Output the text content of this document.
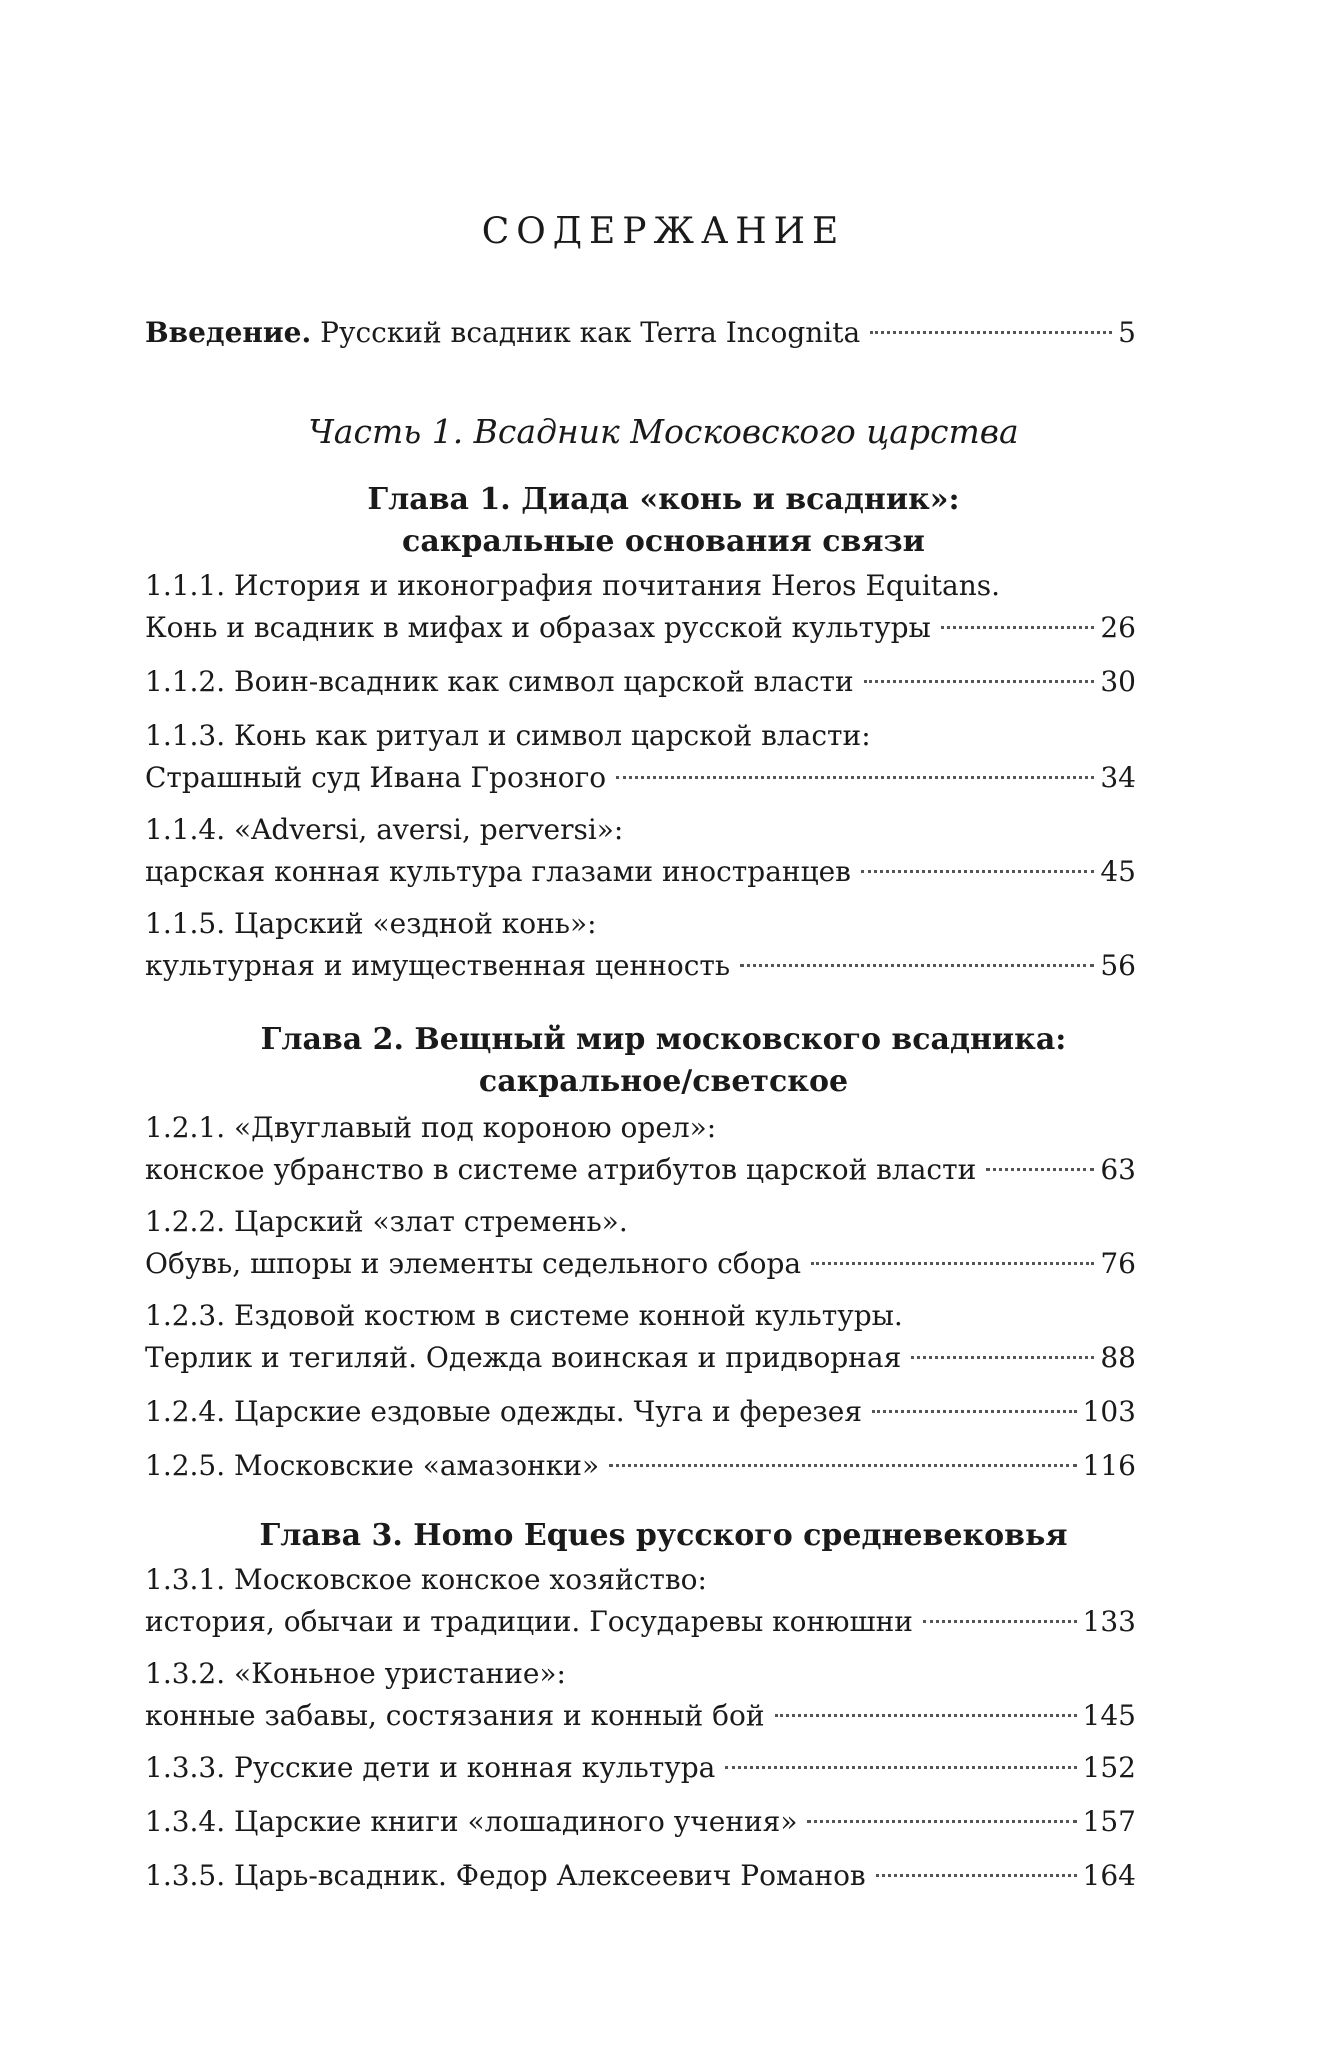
СОДЕРЖАНИЕ
Введение. Русский всадник как Terra Incognita	5
Часть 1. Всадник Московского царства
Глава 1. Диада «конь и всадник»:
сакральные основания связи
1.1.1. История и иконография почитания Heros Equitans.
Конь и всадник в мифах и образах русской культуры	26
1.1.2. Воин-всадник как символ царской власти	30
1.1.3. Конь как ритуал и символ царской власти:
Страшный суд Ивана Грозного	34
1.1.4. «Adversi, aversi, perversi»:
царская конная культура глазами иностранцев	45
1.1.5. Царский «ездной конь»:
культурная и имущественная ценность	56
Глава 2. Вещный мир московского всадника:
сакральное/светское
1.2.1. «Двуглавый под короною орел»:
конское убранство в системе атрибутов царской власти	63
1.2.2. Царский «злат стремень».
Обувь, шпоры и элементы седельного сбора	76
1.2.3. Ездовой костюм в системе конной культуры.
Терлик и тегиляй. Одежда воинская и придворная	88
1.2.4. Царские ездовые одежды. Чуга и ферезея	103
1.2.5. Московские «амазонки»	116
Глава 3. Homo Eques русского средневековья
1.3.1. Московское конское хозяйство:
история, обычаи и традиции. Государевы конюшни	133
1.3.2. «Коньное уристание»:
конные забавы, состязания и конный бой	145
1.3.3. Русские дети и конная культура	152
1.3.4. Царские книги «лошадиного учения»	157
1.3.5. Царь-всадник. Федор Алексеевич Романов	164
